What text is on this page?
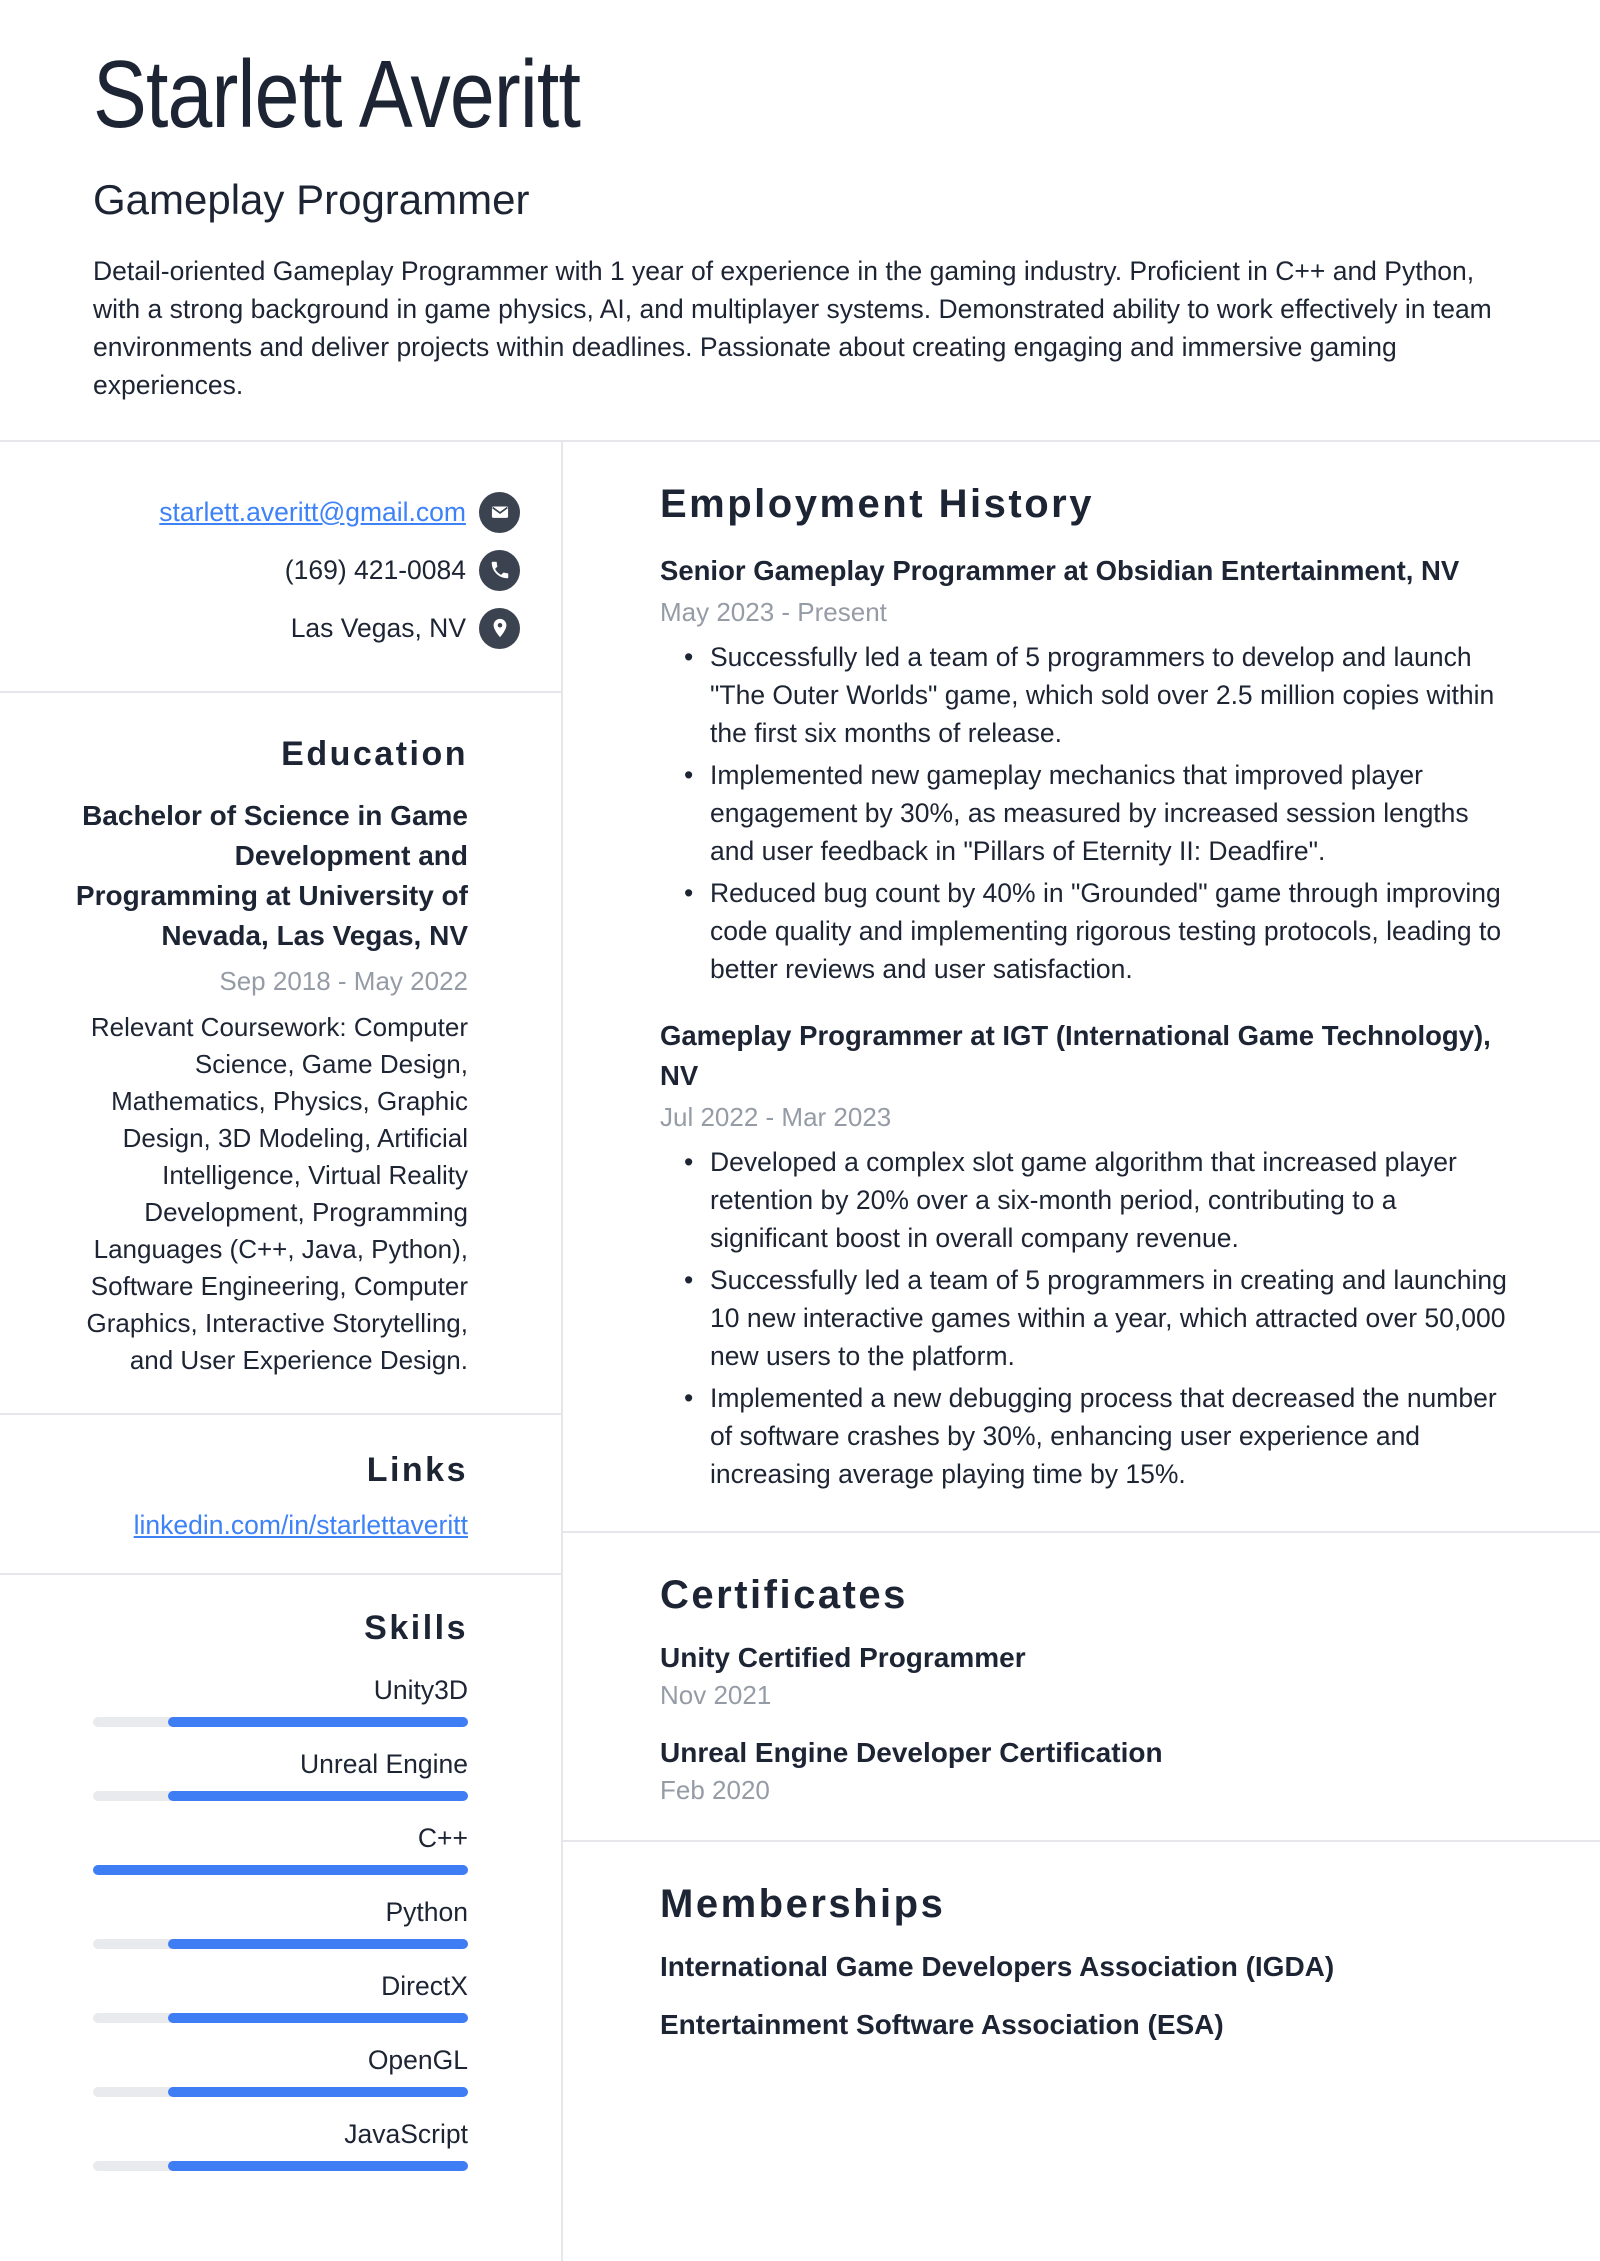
Starlett Averitt
Gameplay Programmer

Detail-oriented Gameplay Programmer with 1 year of experience in the gaming industry. Proficient in C++ and Python, with a strong background in game physics, AI, and multiplayer systems. Demonstrated ability to work effectively in team environments and deliver projects within deadlines. Passionate about creating engaging and immersive gaming experiences.

starlett.averitt@gmail.com
(169) 421-0084
Las Vegas, NV
Education
Bachelor of Science in Game Development and Programming at University of Nevada, Las Vegas, NV
Sep 2018 - May 2022
Relevant Coursework: Computer Science, Game Design, Mathematics, Physics, Graphic Design, 3D Modeling, Artificial Intelligence, Virtual Reality Development, Programming Languages (C++, Java, Python), Software Engineering, Computer Graphics, Interactive Storytelling, and User Experience Design.
Links
linkedin.com/in/starlettaveritt
Skills
Unity3D
Unreal Engine
C++
Python
DirectX
OpenGL
JavaScript
Employment History
Senior Gameplay Programmer at Obsidian Entertainment, NV
May 2023 - Present
• Successfully led a team of 5 programmers to develop and launch "The Outer Worlds" game, which sold over 2.5 million copies within the first six months of release.
• Implemented new gameplay mechanics that improved player engagement by 30%, as measured by increased session lengths and user feedback in "Pillars of Eternity II: Deadfire".
• Reduced bug count by 40% in "Grounded" game through improving code quality and implementing rigorous testing protocols, leading to better reviews and user satisfaction.
Gameplay Programmer at IGT (International Game Technology), NV
Jul 2022 - Mar 2023
• Developed a complex slot game algorithm that increased player retention by 20% over a six-month period, contributing to a significant boost in overall company revenue.
• Successfully led a team of 5 programmers in creating and launching 10 new interactive games within a year, which attracted over 50,000 new users to the platform.
• Implemented a new debugging process that decreased the number of software crashes by 30%, enhancing user experience and increasing average playing time by 15%.
Certificates
Unity Certified Programmer
Nov 2021
Unreal Engine Developer Certification
Feb 2020
Memberships
International Game Developers Association (IGDA)
Entertainment Software Association (ESA)
